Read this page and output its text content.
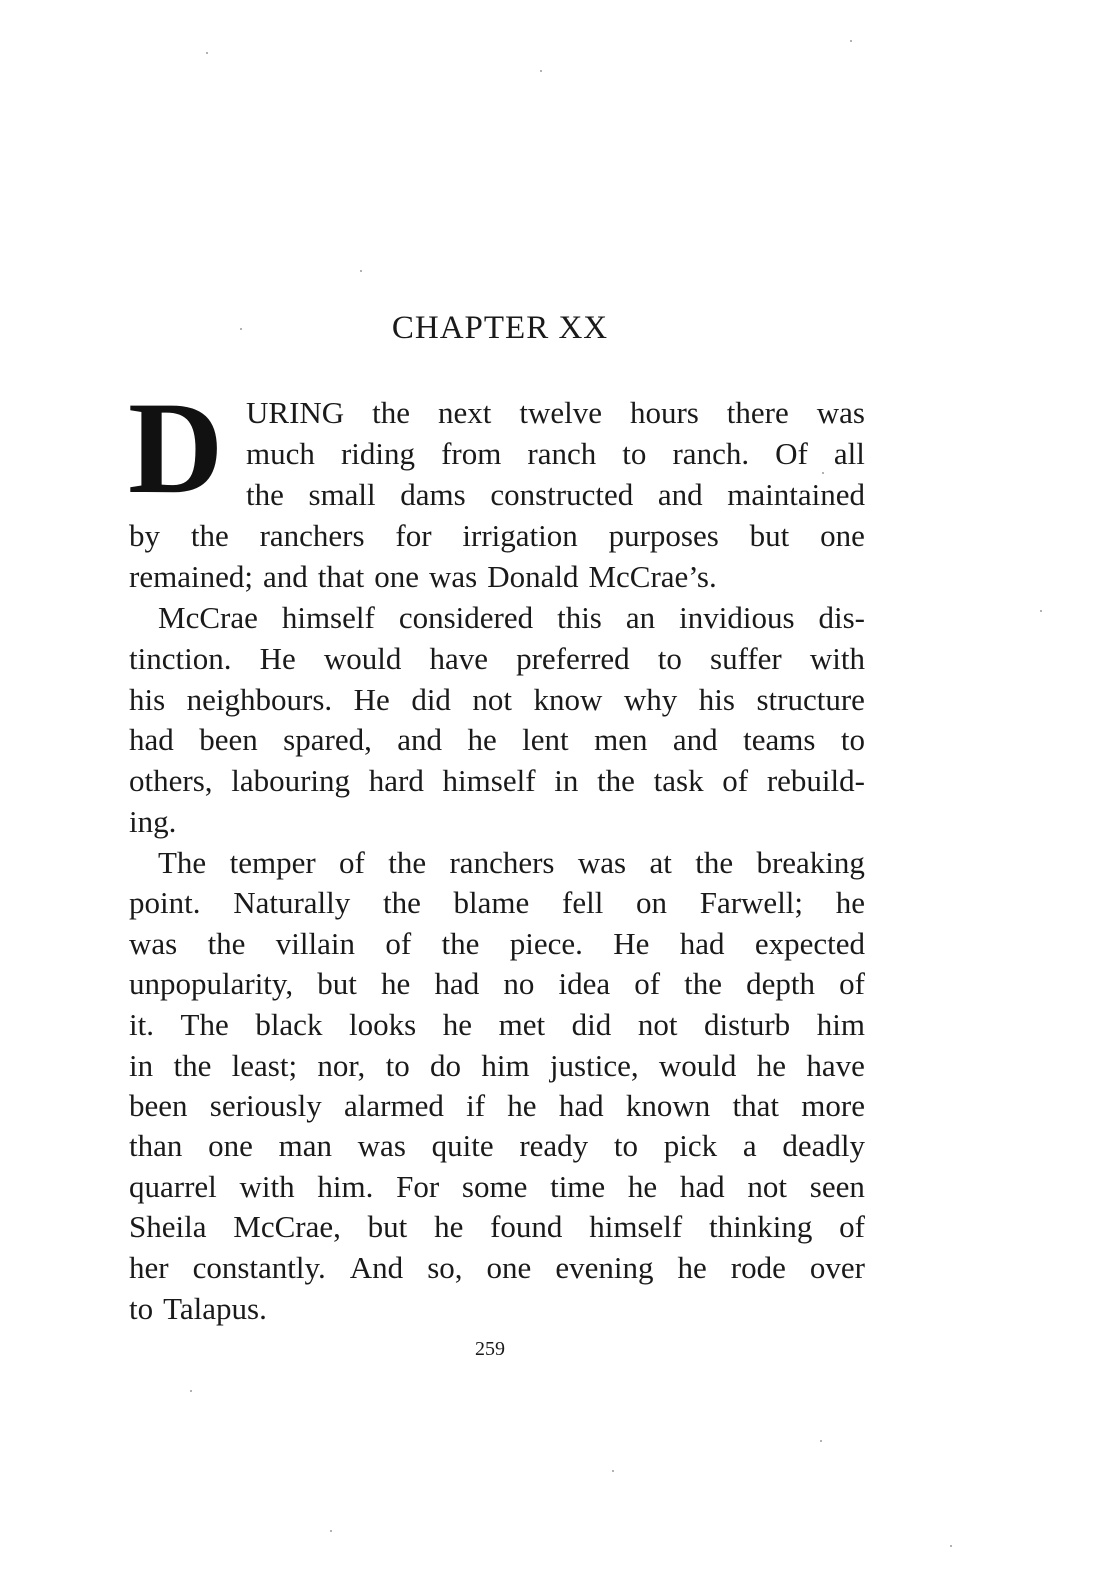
CHAPTER XX
D URING the next twelve hours there was
much riding from ranch to ranch. Of all
the small dams constructed and maintained
by the ranchers for irrigation purposes but one
remained; and that one was Donald McCrae’s.
McCrae himself considered this an invidious dis-
tinction. He would have preferred to suffer with
his neighbours. He did not know why his structure
had been spared, and he lent men and teams to
others, labouring hard himself in the task of rebuild-
ing.
The temper of the ranchers was at the breaking
point. Naturally the blame fell on Farwell; he
was the villain of the piece. He had expected
unpopularity, but he had no idea of the depth of
it. The black looks he met did not disturb him
in the least; nor, to do him justice, would he have
been seriously alarmed if he had known that more
than one man was quite ready to pick a deadly
quarrel with him. For some time he had not seen
Sheila McCrae, but he found himself thinking of
her constantly. And so, one evening he rode over
to Talapus.
259
